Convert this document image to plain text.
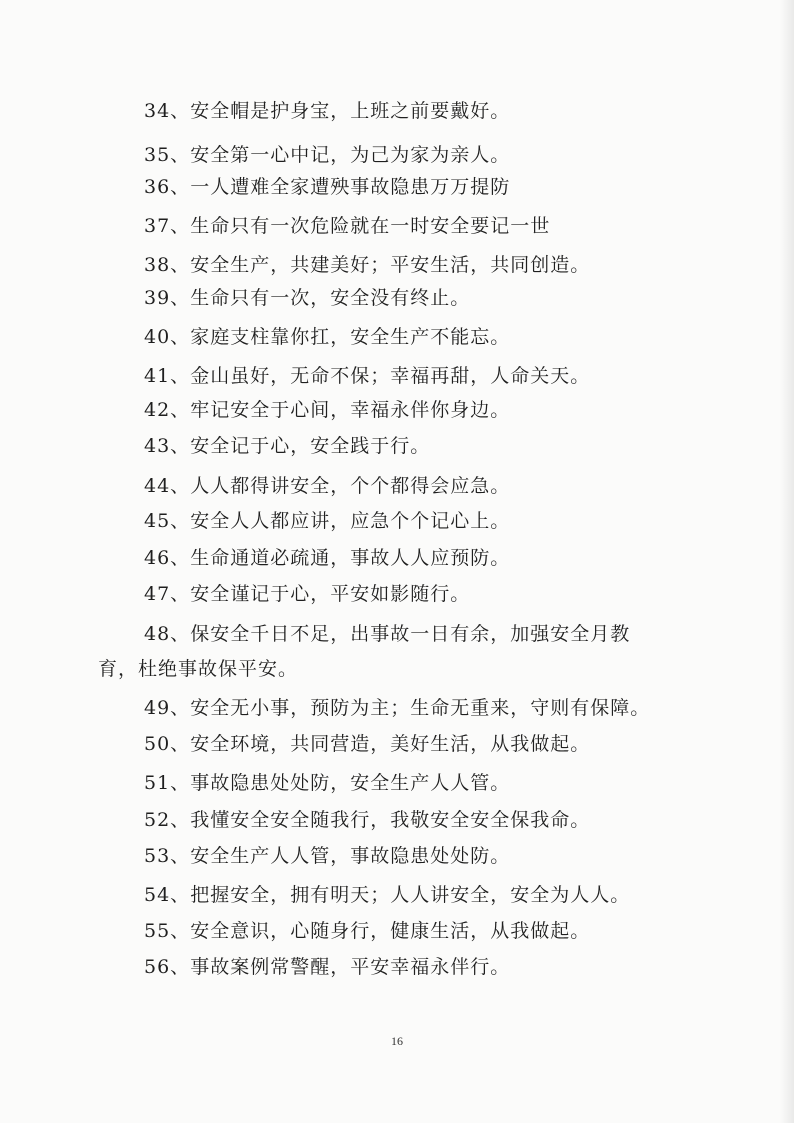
34、安全帽是护身宝，上班之前要戴好。
35、安全第一心中记，为己为家为亲人。
36、一人遭难全家遭殃事故隐患万万提防
37、生命只有一次危险就在一时安全要记一世
38、安全生产，共建美好；平安生活，共同创造。
39、生命只有一次，安全没有终止。
40、家庭支柱靠你扛，安全生产不能忘。
41、金山虽好，无命不保；幸福再甜，人命关天。
42、牢记安全于心间，幸福永伴你身边。
43、安全记于心，安全践于行。
44、人人都得讲安全，个个都得会应急。
45、安全人人都应讲，应急个个记心上。
46、生命通道必疏通，事故人人应预防。
47、安全谨记于心，平安如影随行。
48、保安全千日不足，出事故一日有余，加强安全月教
育，杜绝事故保平安。
49、安全无小事，预防为主；生命无重来，守则有保障。
50、安全环境，共同营造，美好生活，从我做起。
51、事故隐患处处防，安全生产人人管。
52、我懂安全安全随我行，我敬安全安全保我命。
53、安全生产人人管，事故隐患处处防。
54、把握安全，拥有明天；人人讲安全，安全为人人。
55、安全意识，心随身行，健康生活，从我做起。
56、事故案例常警醒，平安幸福永伴行。
16
